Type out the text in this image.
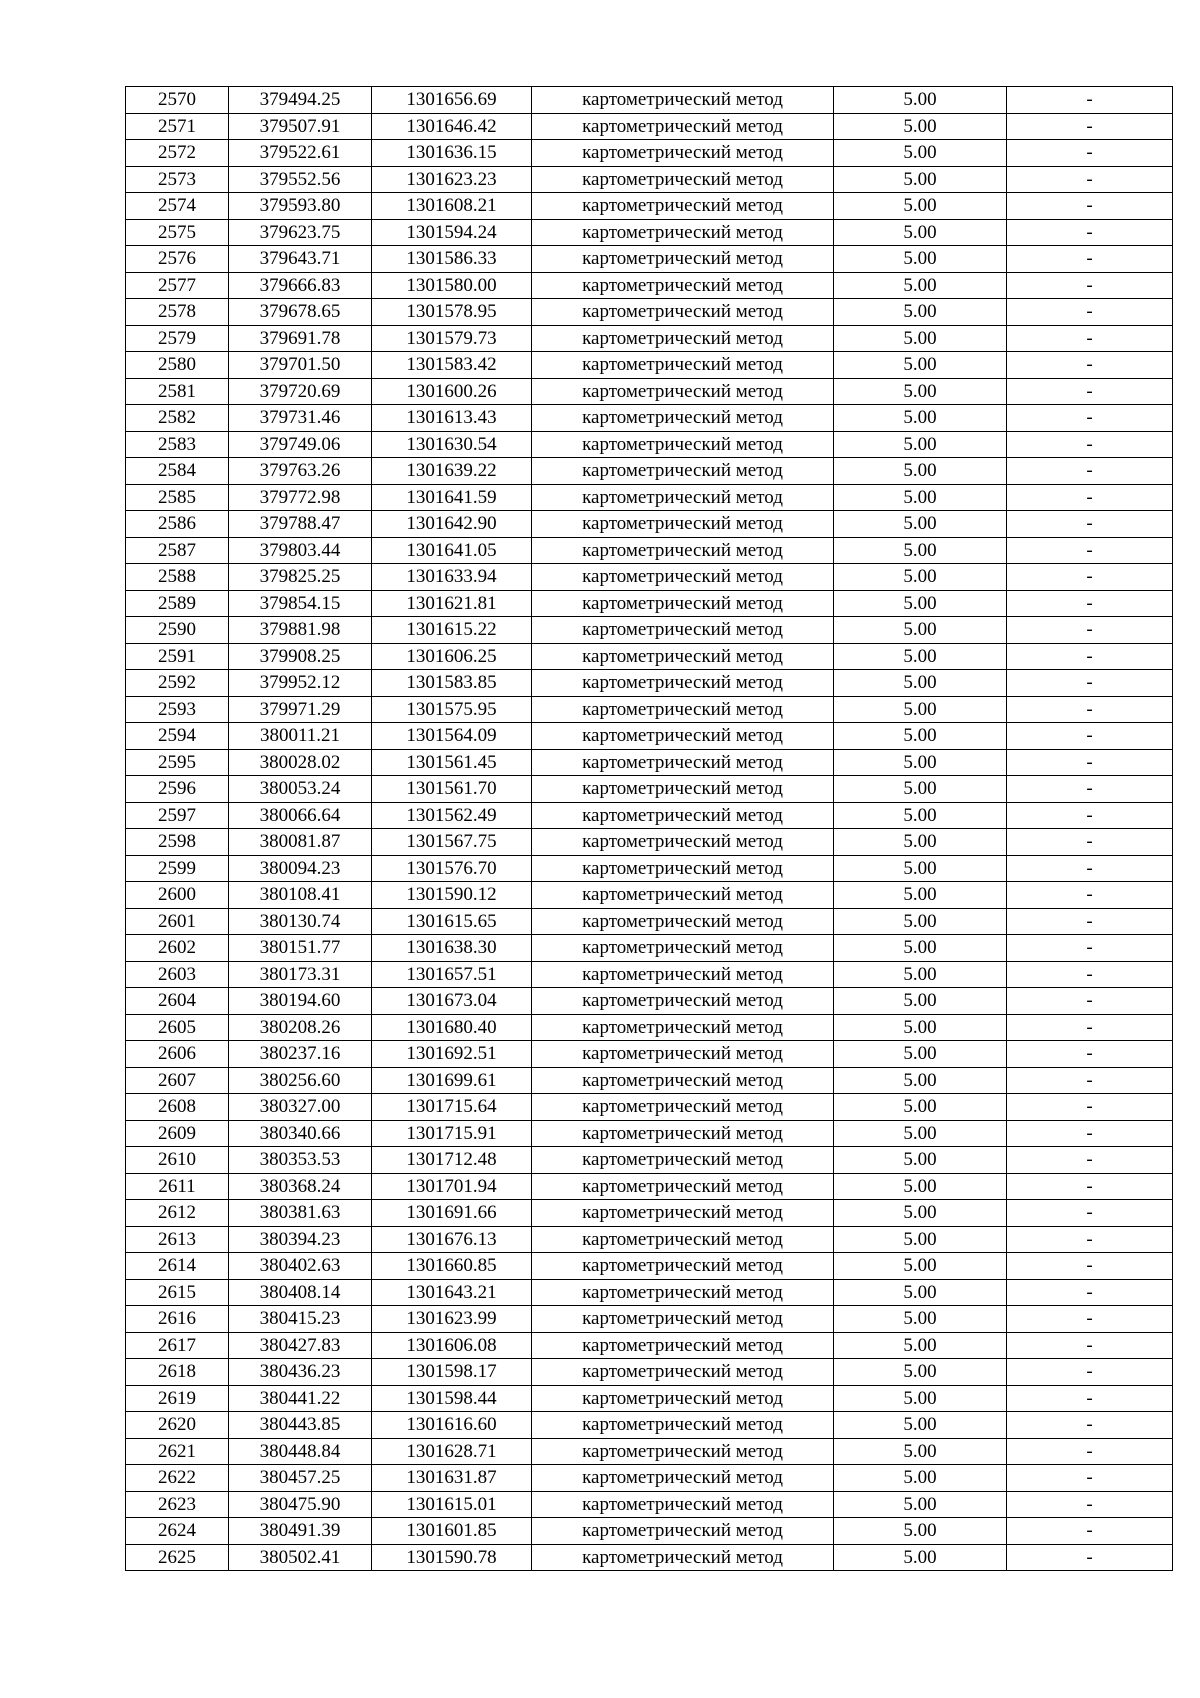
2570	379494.25	1301656.69	картометрический метод	5.00	-
2571	379507.91	1301646.42	картометрический метод	5.00	-
2572	379522.61	1301636.15	картометрический метод	5.00	-
2573	379552.56	1301623.23	картометрический метод	5.00	-
2574	379593.80	1301608.21	картометрический метод	5.00	-
2575	379623.75	1301594.24	картометрический метод	5.00	-
2576	379643.71	1301586.33	картометрический метод	5.00	-
2577	379666.83	1301580.00	картометрический метод	5.00	-
2578	379678.65	1301578.95	картометрический метод	5.00	-
2579	379691.78	1301579.73	картометрический метод	5.00	-
2580	379701.50	1301583.42	картометрический метод	5.00	-
2581	379720.69	1301600.26	картометрический метод	5.00	-
2582	379731.46	1301613.43	картометрический метод	5.00	-
2583	379749.06	1301630.54	картометрический метод	5.00	-
2584	379763.26	1301639.22	картометрический метод	5.00	-
2585	379772.98	1301641.59	картометрический метод	5.00	-
2586	379788.47	1301642.90	картометрический метод	5.00	-
2587	379803.44	1301641.05	картометрический метод	5.00	-
2588	379825.25	1301633.94	картометрический метод	5.00	-
2589	379854.15	1301621.81	картометрический метод	5.00	-
2590	379881.98	1301615.22	картометрический метод	5.00	-
2591	379908.25	1301606.25	картометрический метод	5.00	-
2592	379952.12	1301583.85	картометрический метод	5.00	-
2593	379971.29	1301575.95	картометрический метод	5.00	-
2594	380011.21	1301564.09	картометрический метод	5.00	-
2595	380028.02	1301561.45	картометрический метод	5.00	-
2596	380053.24	1301561.70	картометрический метод	5.00	-
2597	380066.64	1301562.49	картометрический метод	5.00	-
2598	380081.87	1301567.75	картометрический метод	5.00	-
2599	380094.23	1301576.70	картометрический метод	5.00	-
2600	380108.41	1301590.12	картометрический метод	5.00	-
2601	380130.74	1301615.65	картометрический метод	5.00	-
2602	380151.77	1301638.30	картометрический метод	5.00	-
2603	380173.31	1301657.51	картометрический метод	5.00	-
2604	380194.60	1301673.04	картометрический метод	5.00	-
2605	380208.26	1301680.40	картометрический метод	5.00	-
2606	380237.16	1301692.51	картометрический метод	5.00	-
2607	380256.60	1301699.61	картометрический метод	5.00	-
2608	380327.00	1301715.64	картометрический метод	5.00	-
2609	380340.66	1301715.91	картометрический метод	5.00	-
2610	380353.53	1301712.48	картометрический метод	5.00	-
2611	380368.24	1301701.94	картометрический метод	5.00	-
2612	380381.63	1301691.66	картометрический метод	5.00	-
2613	380394.23	1301676.13	картометрический метод	5.00	-
2614	380402.63	1301660.85	картометрический метод	5.00	-
2615	380408.14	1301643.21	картометрический метод	5.00	-
2616	380415.23	1301623.99	картометрический метод	5.00	-
2617	380427.83	1301606.08	картометрический метод	5.00	-
2618	380436.23	1301598.17	картометрический метод	5.00	-
2619	380441.22	1301598.44	картометрический метод	5.00	-
2620	380443.85	1301616.60	картометрический метод	5.00	-
2621	380448.84	1301628.71	картометрический метод	5.00	-
2622	380457.25	1301631.87	картометрический метод	5.00	-
2623	380475.90	1301615.01	картометрический метод	5.00	-
2624	380491.39	1301601.85	картометрический метод	5.00	-
2625	380502.41	1301590.78	картометрический метод	5.00	-
